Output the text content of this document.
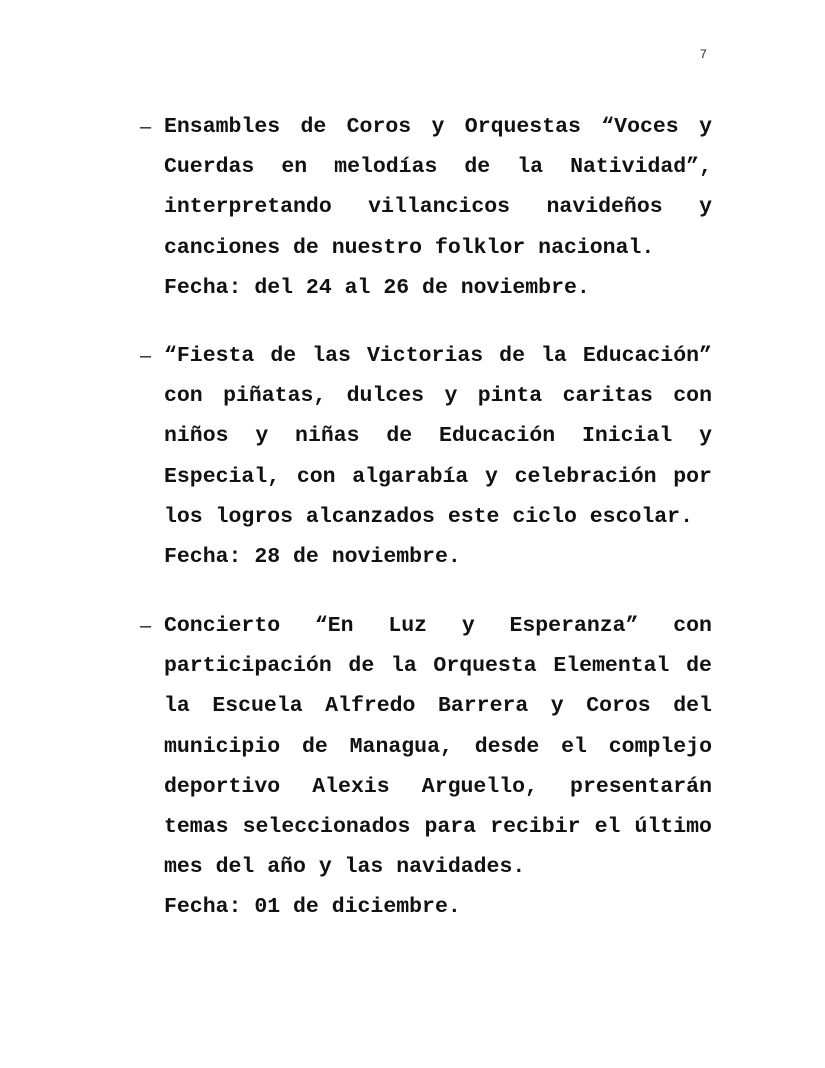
7
– Ensambles de Coros y Orquestas “Voces y
Cuerdas en melodías de la Natividad”,
interpretando villancicos navideños y
canciones de nuestro folklor nacional.
Fecha: del 24 al 26 de noviembre.
– “Fiesta de las Victorias de la Educación”
con piñatas, dulces y pinta caritas con
niños y niñas de Educación Inicial y
Especial, con algarabía y celebración por
los logros alcanzados este ciclo escolar.
Fecha: 28 de noviembre.
– Concierto “En Luz y Esperanza” con
participación de la Orquesta Elemental de
la Escuela Alfredo Barrera y Coros del
municipio de Managua, desde el complejo
deportivo Alexis Arguello, presentarán
temas seleccionados para recibir el último
mes del año y las navidades.
Fecha: 01 de diciembre.
